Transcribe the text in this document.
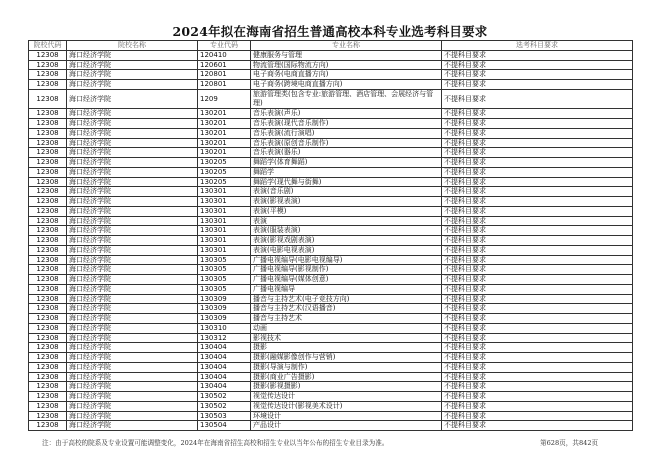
2024年拟在海南省招生普通高校本科专业选考科目要求
院校代码	院校名称	专业代码	专业名称	选考科目要求
12308	海口经济学院	120410	健康服务与管理	不提科目要求
12308	海口经济学院	120601	物流管理(国际物流方向)	不提科目要求
12308	海口经济学院	120801	电子商务(电商直播方向)	不提科目要求
12308	海口经济学院	120801	电子商务(跨境电商直播方向)	不提科目要求
12308	海口经济学院	1209	旅游管理类(包含专业:旅游管理、酒店管理、会展经济与管理)	不提科目要求
12308	海口经济学院	130201	音乐表演(声乐)	不提科目要求
12308	海口经济学院	130201	音乐表演(现代音乐制作)	不提科目要求
12308	海口经济学院	130201	音乐表演(流行演唱)	不提科目要求
12308	海口经济学院	130201	音乐表演(原创音乐制作)	不提科目要求
12308	海口经济学院	130201	音乐表演(器乐)	不提科目要求
12308	海口经济学院	130205	舞蹈学(体育舞蹈)	不提科目要求
12308	海口经济学院	130205	舞蹈学	不提科目要求
12308	海口经济学院	130205	舞蹈学(现代舞与街舞)	不提科目要求
12308	海口经济学院	130301	表演(音乐剧)	不提科目要求
12308	海口经济学院	130301	表演(影视表演)	不提科目要求
12308	海口经济学院	130301	表演(平模)	不提科目要求
12308	海口经济学院	130301	表演	不提科目要求
12308	海口经济学院	130301	表演(服装表演)	不提科目要求
12308	海口经济学院	130301	表演(影视戏剧表演)	不提科目要求
12308	海口经济学院	130301	表演(电影电视表演)	不提科目要求
12308	海口经济学院	130305	广播电视编导(电影电视编导)	不提科目要求
12308	海口经济学院	130305	广播电视编导(影视制作)	不提科目要求
12308	海口经济学院	130305	广播电视编导(媒体创意)	不提科目要求
12308	海口经济学院	130305	广播电视编导	不提科目要求
12308	海口经济学院	130309	播音与主持艺术(电子竞技方向)	不提科目要求
12308	海口经济学院	130309	播音与主持艺术(汉语播音)	不提科目要求
12308	海口经济学院	130309	播音与主持艺术	不提科目要求
12308	海口经济学院	130310	动画	不提科目要求
12308	海口经济学院	130312	影视技术	不提科目要求
12308	海口经济学院	130404	摄影	不提科目要求
12308	海口经济学院	130404	摄影(融媒影像创作与营销)	不提科目要求
12308	海口经济学院	130404	摄影(导演与制作)	不提科目要求
12308	海口经济学院	130404	摄影(商业广告摄影)	不提科目要求
12308	海口经济学院	130404	摄影(影视摄影)	不提科目要求
12308	海口经济学院	130502	视觉传达设计	不提科目要求
12308	海口经济学院	130502	视觉传达设计(影视美术设计)	不提科目要求
12308	海口经济学院	130503	环境设计	不提科目要求
12308	海口经济学院	130504	产品设计	不提科目要求
注：由于高校的院系及专业设置可能调整变化，2024年在海南省招生高校和招生专业以当年公布的招生专业目录为准。	第628页，共842页
